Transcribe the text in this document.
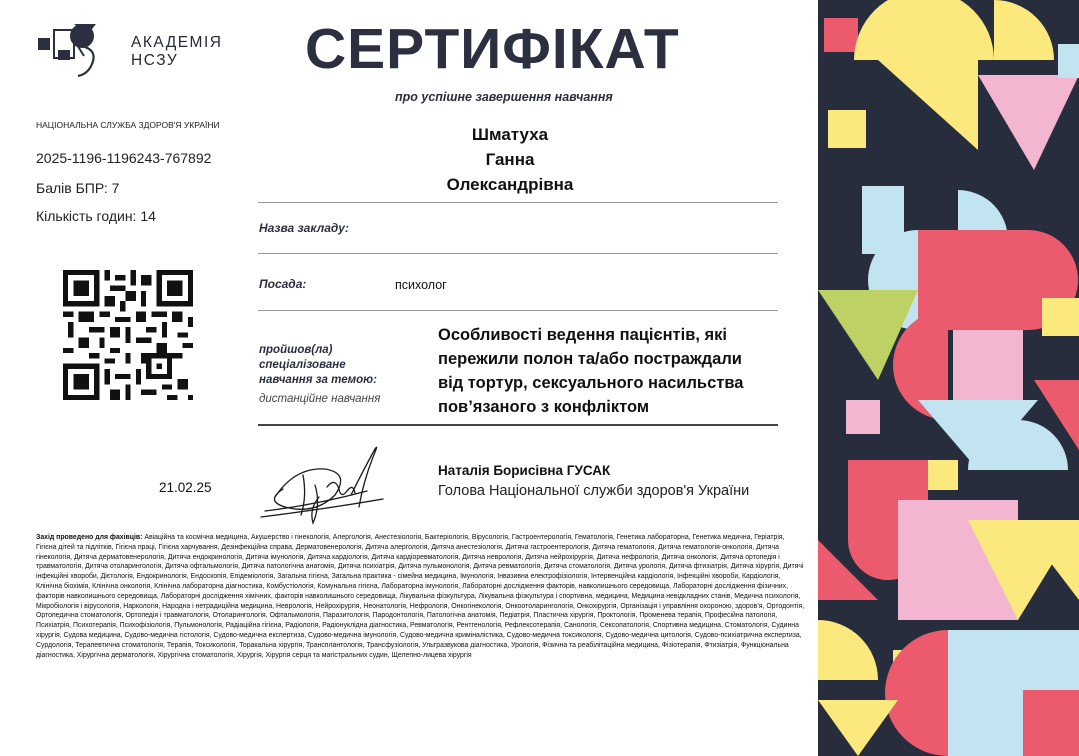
АКАДЕМІЯ
НСЗУ	СЕРТИФІКАТ
про успішне завершення навчання
НАЦІОНАЛЬНА СЛУЖБА ЗДОРОВ'Я УКРАЇНИ
2025-1196-1196243-767892
Балів БПР: 7
Кількість годин: 14
Шматуха
Ганна
Олександрівна
Назва закладу:
Посада:	психолог
пройшов(ла)
спеціалізоване
навчання за темою:
дистанційне навчання
Особливості ведення пацієнтів, які
пережили полон та/або постраждали
від тортур, сексуального насильства
пов’язаного з конфліктом
21.02.25
Наталія Борисівна ГУСАК
Голова Національної служби здоров'я України
Захід проведено для фахівців: Авіаційна та космічна медицина, Акушерство і гінекологія, Алергологія, Анестезіологія, Бактеріологія, Вірусологія, Гастроентерологія, Гематологія, Генетика лабораторна, Генетика медична, Геріатрія, Гігієна дітей та підлітків, Гігієна праці, Гігієна харчування, Дезінфекційна справа, Дерматовенерологія, Дитяча алергологія, Дитяча анестезіологія, Дитяча гастроентерологія, Дитяча гематологія, Дитяча гематологія-онкологія, Дитяча гінекологія, Дитяча дерматовенерологія, Дитяча ендокринологія, Дитяча імунологія, Дитяча кардіологія, Дитяча кардіоревматологія, Дитяча неврологія, Дитяча нейрохірургія, Дитяча нефрологія, Дитяча онкологія, Дитяча ортопедія і травматологія, Дитяча отоларингологія, Дитяча офтальмологія, Дитяча патологічна анатомія, Дитяча психіатрія, Дитяча пульмонологія, Дитяча ревматологія, Дитяча стоматологія, Дитяча урологія, Дитяча фтизіатрія, Дитяча хірургія, Дитячі інфекційні хвороби, Дієтологія, Ендокринологія, Ендоскопія, Епідеміологія, Загальна гігієна, Загальна практика - сімейна медицина, Імунологія, Інвазивна електрофізіологія, Інтервенційна кардіологія, Інфекційні хвороби, Кардіологія, Клінічна біохімія, Клінічна онкологія, Клінічна лабораторна діагностика, Комбустіологія, Комунальна гігієна, Лабораторна імунологія, Лабораторні дослідження факторів, навколишнього середовища, Лабораторні дослідження фізичних, факторів навколишнього середовища, Лабораторні дослідження хімічних, факторів навколишнього середовища, Лікувальна фізкультура, Лікувальна фізкультура і спортивна, медицина, Медицина невідкладних станів, Медична психологія, Мікробіологія і вірусологія, Наркологія, Народна і нетрадиційна медицина, Неврологія, Нейрохірургія, Неонатологія, Нефрологія, Онкогінекологія, Онкоотоларингологія, Онкохірургія, Організація і управління охороною, здоров’я, Ортодонтія, Ортопедична стоматологія, Ортопедія і травматологія, Отоларингологія, Офтальмологія, Паразитологія, Пародонтологія, Патологічна анатомія, Педіатрія, Пластична хірургія, Проктологія, Променева терапія, Професійна патологія, Психіатрія, Психотерапія, Психофізіологія, Пульмонологія, Радіаційна гігієна, Радіологія, Радіонуклідна діагностика, Ревматологія, Рентгенологія, Рефлексотерапія, Санологія, Сексопатологія, Спортивна медицина, Стоматологія, Судинна хірургія, Судова медицина, Судово-медична гістологія, Судово-медична експертиза, Судово-медична імунологія, Судово-медична криміналістика, Судово-медична токсикологія, Судово-медична цитологія, Судово-психіатрична експертиза, Сурдологія, Терапевтична стоматологія, Терапія, Токсикологія, Торакальна хірургія, Трансплантологія, Трансфузіологія, Ультразвукова діагностика, Урологія, Фізична та реабілітаційна медицина, Фізіотерапія, Фтизіатрія, Функціональна діагностика, Хірургічна дерматологія, Хірургічна стоматологія, Хірургія, Хірургія серця та магістральних судин, Щелепно-лицева хірургія
